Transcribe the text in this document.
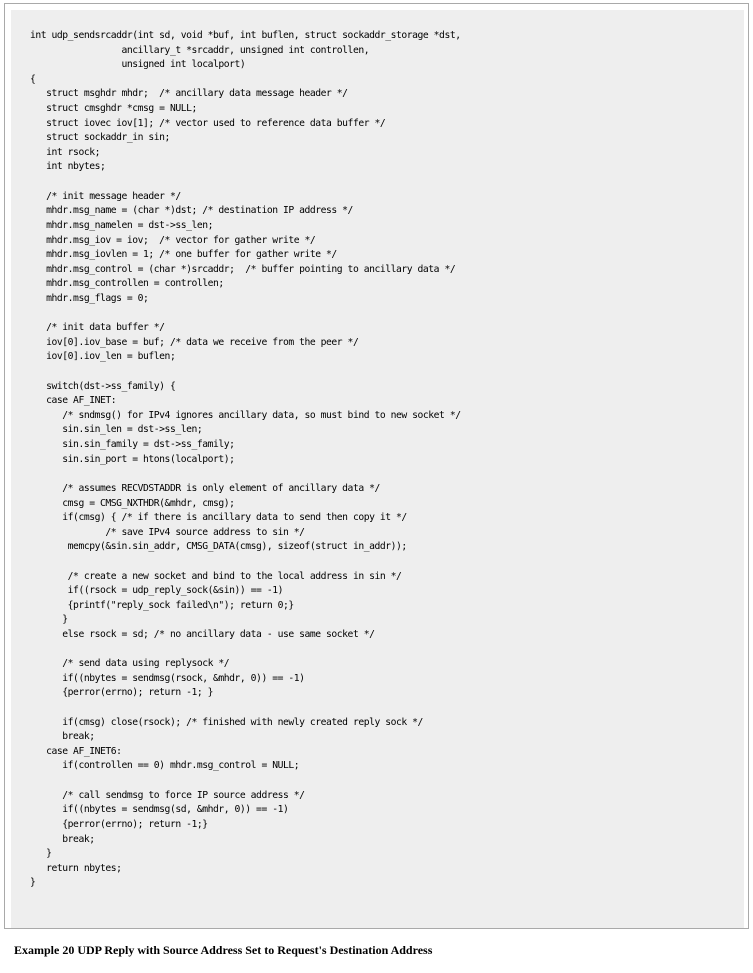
int udp_sendsrcaddr(int sd, void *buf, int buflen, struct sockaddr_storage *dst,
ancillary_t *srcaddr, unsigned int controllen,
unsigned int localport)
{
struct msghdr mhdr;  /* ancillary data message header */
struct cmsghdr *cmsg = NULL;
struct iovec iov[1]; /* vector used to reference data buffer */
struct sockaddr_in sin;
int rsock;
int nbytes;
/* init message header */
mhdr.msg_name = (char *)dst; /* destination IP address */
mhdr.msg_namelen = dst->ss_len;
mhdr.msg_iov = iov;  /* vector for gather write */
mhdr.msg_iovlen = 1; /* one buffer for gather write */
mhdr.msg_control = (char *)srcaddr;  /* buffer pointing to ancillary data */
mhdr.msg_controllen = controllen;
mhdr.msg_flags = 0;
/* init data buffer */
iov[0].iov_base = buf; /* data we receive from the peer */
iov[0].iov_len = buflen;
switch(dst->ss_family) {
case AF_INET:
/* sndmsg() for IPv4 ignores ancillary data, so must bind to new socket */
sin.sin_len = dst->ss_len;
sin.sin_family = dst->ss_family;
sin.sin_port = htons(localport);
/* assumes RECVDSTADDR is only element of ancillary data */
cmsg = CMSG_NXTHDR(&mhdr, cmsg);
if(cmsg) { /* if there is ancillary data to send then copy it */
/* save IPv4 source address to sin */
memcpy(&sin.sin_addr, CMSG_DATA(cmsg), sizeof(struct in_addr));
/* create a new socket and bind to the local address in sin */
if((rsock = udp_reply_sock(&sin)) == -1)
{printf("reply_sock failed\n"); return 0;}
}
else rsock = sd; /* no ancillary data - use same socket */
/* send data using replysock */
if((nbytes = sendmsg(rsock, &mhdr, 0)) == -1)
{perror(errno); return -1; }
if(cmsg) close(rsock); /* finished with newly created reply sock */
break;
case AF_INET6:
if(controllen == 0) mhdr.msg_control = NULL;
/* call sendmsg to force IP source address */
if((nbytes = sendmsg(sd, &mhdr, 0)) == -1)
{perror(errno); return -1;}
break;
}
return nbytes;
}
Example 20 UDP Reply with Source Address Set to Request's Destination Address
